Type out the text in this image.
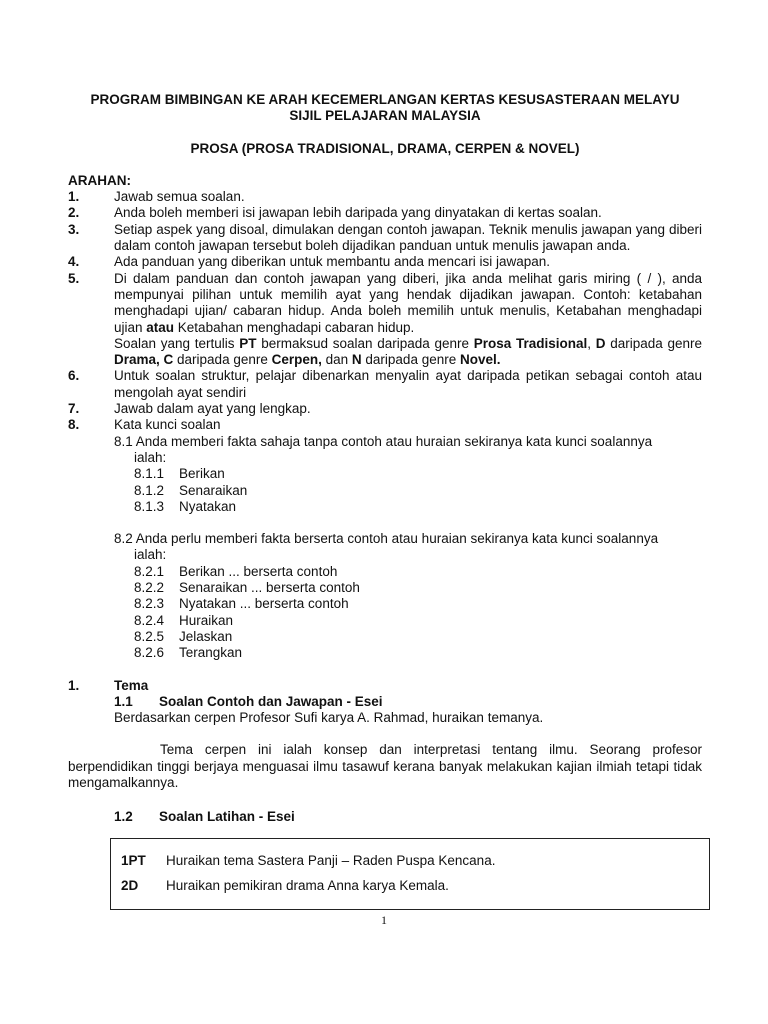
PROGRAM BIMBINGAN KE ARAH KECEMERLANGAN KERTAS KESUSASTERAAN MELAYU
SIJIL PELAJARAN MALAYSIA
PROSA (PROSA TRADISIONAL, DRAMA, CERPEN & NOVEL)
ARAHAN:
1.	Jawab semua soalan.
2.	Anda boleh memberi isi jawapan lebih daripada yang dinyatakan di kertas soalan.
3.	Setiap aspek yang disoal, dimulakan dengan contoh jawapan. Teknik menulis jawapan yang diberi dalam contoh jawapan tersebut boleh dijadikan panduan untuk menulis jawapan anda.
4.	Ada panduan yang diberikan untuk membantu anda mencari isi jawapan.
5.	Di dalam panduan dan contoh jawapan yang diberi, jika anda melihat garis miring ( / ), anda mempunyai pilihan untuk memilih ayat yang hendak dijadikan jawapan. Contoh: ketabahan menghadapi ujian/ cabaran hidup. Anda boleh memilih untuk menulis, Ketabahan menghadapi ujian atau Ketabahan menghadapi cabaran hidup.
Soalan yang tertulis PT bermaksud soalan daripada genre Prosa Tradisional, D daripada genre Drama, C daripada genre Cerpen, dan N daripada genre Novel.
6.	Untuk soalan struktur, pelajar dibenarkan menyalin ayat daripada petikan sebagai contoh atau mengolah ayat sendiri
7.	Jawab dalam ayat yang lengkap.
8.	Kata kunci soalan
8.1 Anda memberi fakta sahaja tanpa contoh atau huraian sekiranya kata kunci soalannya
ialah:
8.1.1	Berikan
8.1.2	Senaraikan
8.1.3	Nyatakan
8.2 Anda perlu memberi fakta berserta contoh atau huraian sekiranya kata kunci soalannya
ialah:
8.2.1	Berikan ... berserta contoh
8.2.2	Senaraikan ... berserta contoh
8.2.3	Nyatakan ... berserta contoh
8.2.4	Huraikan
8.2.5	Jelaskan
8.2.6	Terangkan
1.	Tema
1.1	Soalan Contoh dan Jawapan - Esei
Berdasarkan cerpen Profesor Sufi karya A. Rahmad, huraikan temanya.
Tema cerpen ini ialah konsep dan interpretasi tentang ilmu. Seorang profesor berpendidikan tinggi berjaya menguasai ilmu tasawuf kerana banyak melakukan kajian ilmiah tetapi tidak mengamalkannya.
1.2	Soalan Latihan - Esei
1PT	Huraikan tema Sastera Panji – Raden Puspa Kencana.
2D	Huraikan pemikiran drama Anna karya Kemala.
1
